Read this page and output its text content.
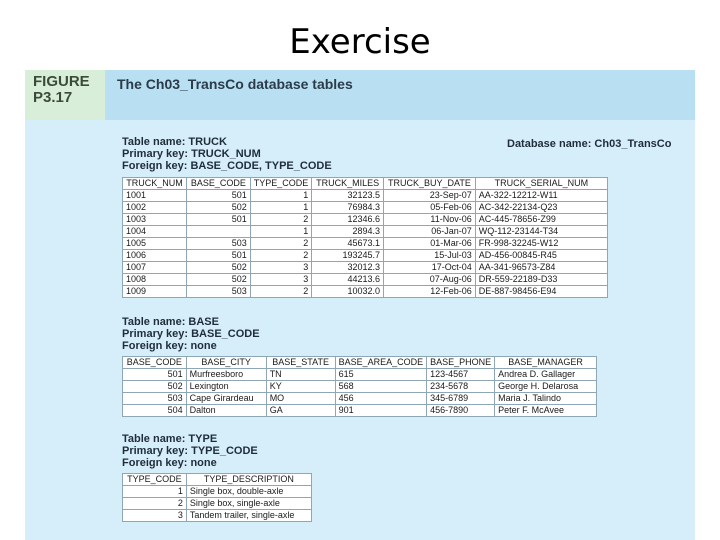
Exercise
FIGURE
P3.17
The Ch03_TransCo database tables
Table name: TRUCK
Primary key: TRUCK_NUM
Foreign key: BASE_CODE, TYPE_CODE
Database name: Ch03_TransCo
TRUCK_NUM	BASE_CODE	TYPE_CODE	TRUCK_MILES	TRUCK_BUY_DATE	TRUCK_SERIAL_NUM
1001	501	1	32123.5	23-Sep-07	AA-322-12212-W11
1002	502	1	76984.3	05-Feb-06	AC-342-22134-Q23
1003	501	2	12346.6	11-Nov-06	AC-445-78656-Z99
1004		1	2894.3	06-Jan-07	WQ-112-23144-T34
1005	503	2	45673.1	01-Mar-06	FR-998-32245-W12
1006	501	2	193245.7	15-Jul-03	AD-456-00845-R45
1007	502	3	32012.3	17-Oct-04	AA-341-96573-Z84
1008	502	3	44213.6	07-Aug-06	DR-559-22189-D33
1009	503	2	10032.0	12-Feb-06	DE-887-98456-E94
Table name: BASE
Primary key: BASE_CODE
Foreign key: none
BASE_CODE	BASE_CITY	BASE_STATE	BASE_AREA_CODE	BASE_PHONE	BASE_MANAGER
501	Murfreesboro	TN	615	123-4567	Andrea D. Gallager
502	Lexington	KY	568	234-5678	George H. Delarosa
503	Cape Girardeau	MO	456	345-6789	Maria J. Talindo
504	Dalton	GA	901	456-7890	Peter F. McAvee
Table name: TYPE
Primary key: TYPE_CODE
Foreign key: none
TYPE_CODE	TYPE_DESCRIPTION
1	Single box, double-axle
2	Single box, single-axle
3	Tandem trailer, single-axle
